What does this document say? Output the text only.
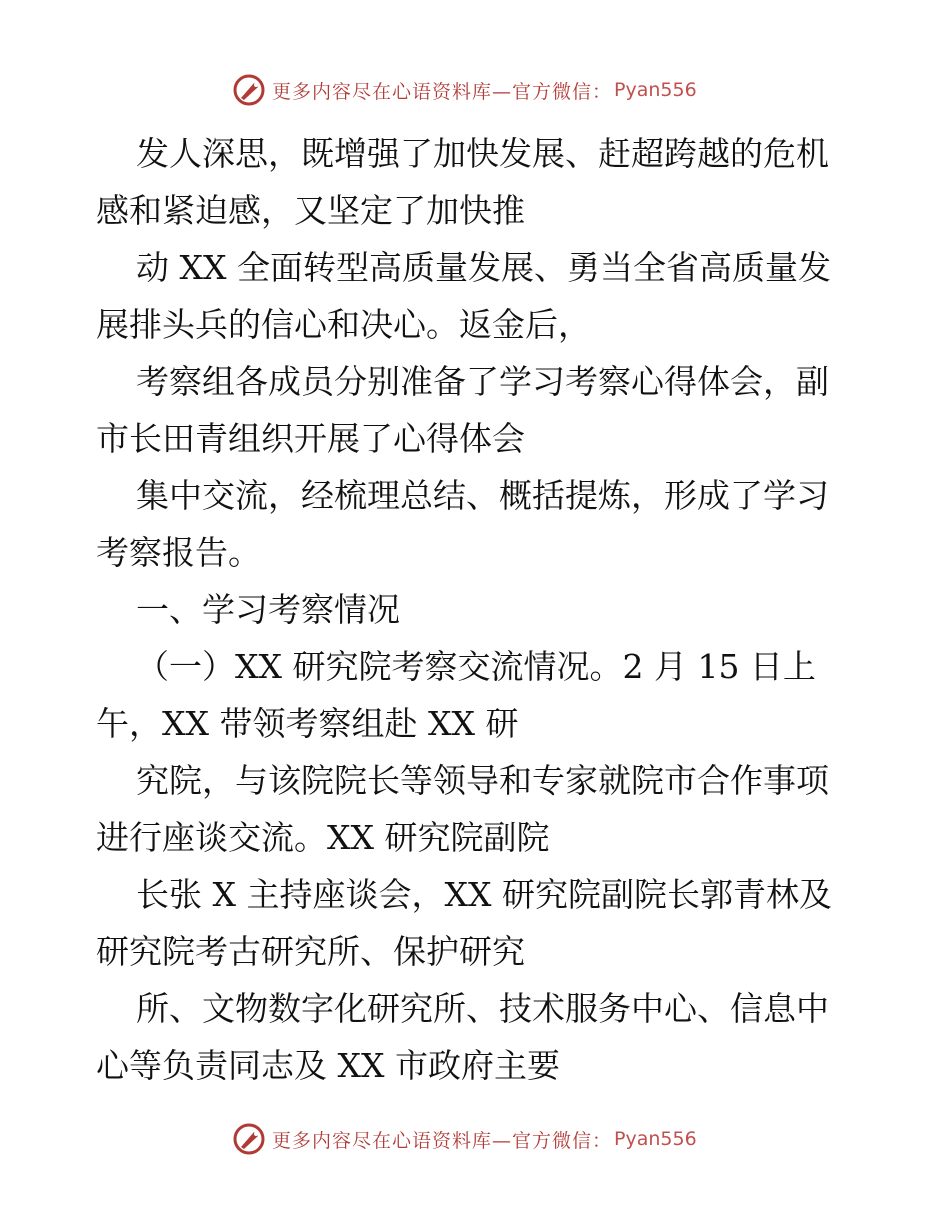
更多内容尽在心语资料库—官方微信： Pyan556
发人深思，既增强了加快发展、赶超跨越的危机
感和紧迫感，又坚定了加快推
动 XX 全面转型高质量发展、勇当全省高质量发
展排头兵的信心和决心。返金后，
考察组各成员分别准备了学习考察心得体会，副
市长田青组织开展了心得体会
集中交流，经梳理总结、概括提炼，形成了学习
考察报告。
一、学习考察情况
（一）XX 研究院考察交流情况。2 月 15 日上
午，XX 带领考察组赴 XX 研
究院，与该院院长等领导和专家就院市合作事项
进行座谈交流。XX 研究院副院
长张 X 主持座谈会，XX 研究院副院长郭青林及
研究院考古研究所、保护研究
所、文物数字化研究所、技术服务中心、信息中
心等负责同志及 XX 市政府主要
更多内容尽在心语资料库—官方微信： Pyan556
